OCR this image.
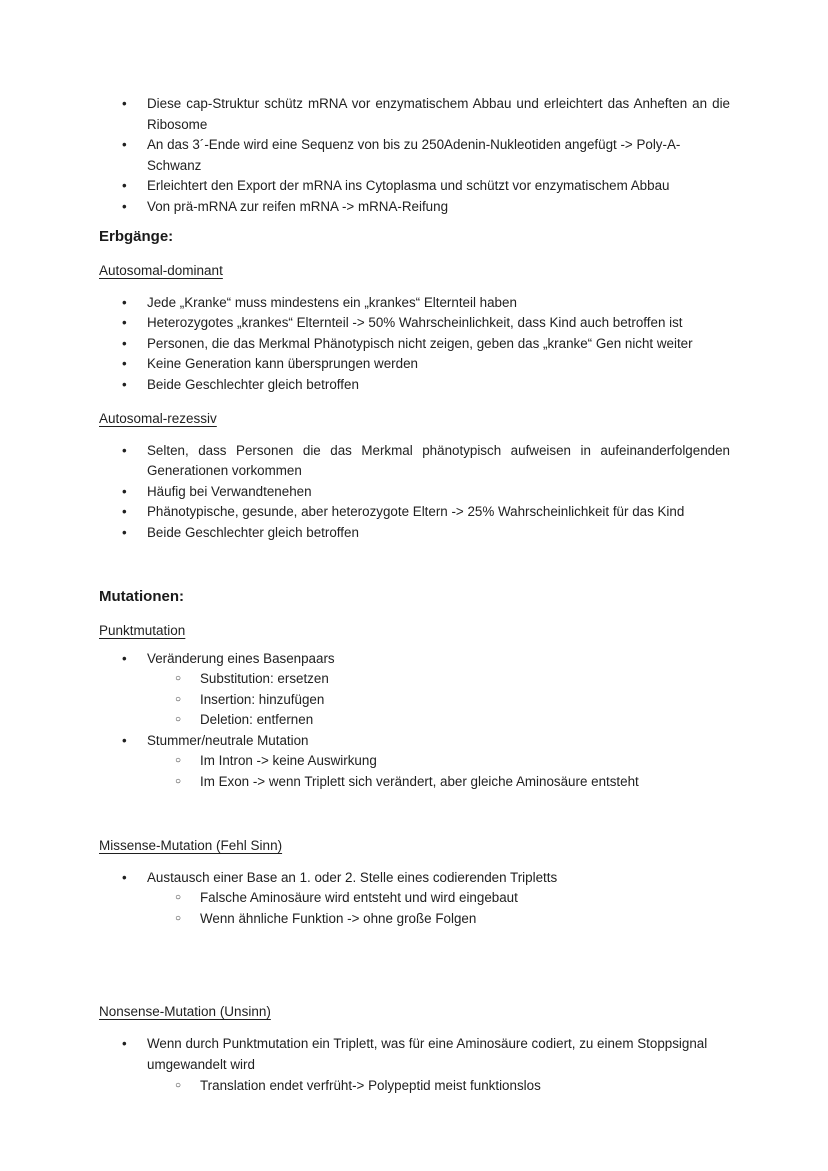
•	Diese cap-Struktur schütz mRNA vor enzymatischem Abbau und erleichtert das Anheften an die Ribosome
•	An das 3´-Ende wird eine Sequenz von bis zu 250Adenin-Nukleotiden angefügt -> Poly-A-Schwanz
•	Erleichtert den Export der mRNA ins Cytoplasma und schützt vor enzymatischem Abbau
•	Von prä-mRNA zur reifen mRNA -> mRNA-Reifung
Erbgänge:
Autosomal-dominant
•	Jede „Kranke“ muss mindestens ein „krankes“ Elternteil haben
•	Heterozygotes „krankes“ Elternteil -> 50% Wahrscheinlichkeit, dass Kind auch betroffen ist
•	Personen, die das Merkmal Phänotypisch nicht zeigen, geben das „kranke“ Gen nicht weiter
•	Keine Generation kann übersprungen werden
•	Beide Geschlechter gleich betroffen
Autosomal-rezessiv
•	Selten, dass Personen die das Merkmal phänotypisch aufweisen in aufeinanderfolgenden Generationen vorkommen
•	Häufig bei Verwandtenehen
•	Phänotypische, gesunde, aber heterozygote Eltern -> 25% Wahrscheinlichkeit für das Kind
•	Beide Geschlechter gleich betroffen
Mutationen:
Punktmutation
•	Veränderung eines Basenpaars
○	Substitution: ersetzen
○	Insertion: hinzufügen
○	Deletion: entfernen
•	Stummer/neutrale Mutation
○	Im Intron -> keine Auswirkung
○	Im Exon -> wenn Triplett sich verändert, aber gleiche Aminosäure entsteht
Missense-Mutation (Fehl Sinn)
•	Austausch einer Base an 1. oder 2. Stelle eines codierenden Tripletts
○	Falsche Aminosäure wird entsteht und wird eingebaut
○	Wenn ähnliche Funktion -> ohne große Folgen
Nonsense-Mutation (Unsinn)
•	Wenn durch Punktmutation ein Triplett, was für eine Aminosäure codiert, zu einem Stoppsignal umgewandelt wird
○	Translation endet verfrüht-> Polypeptid meist funktionslos
